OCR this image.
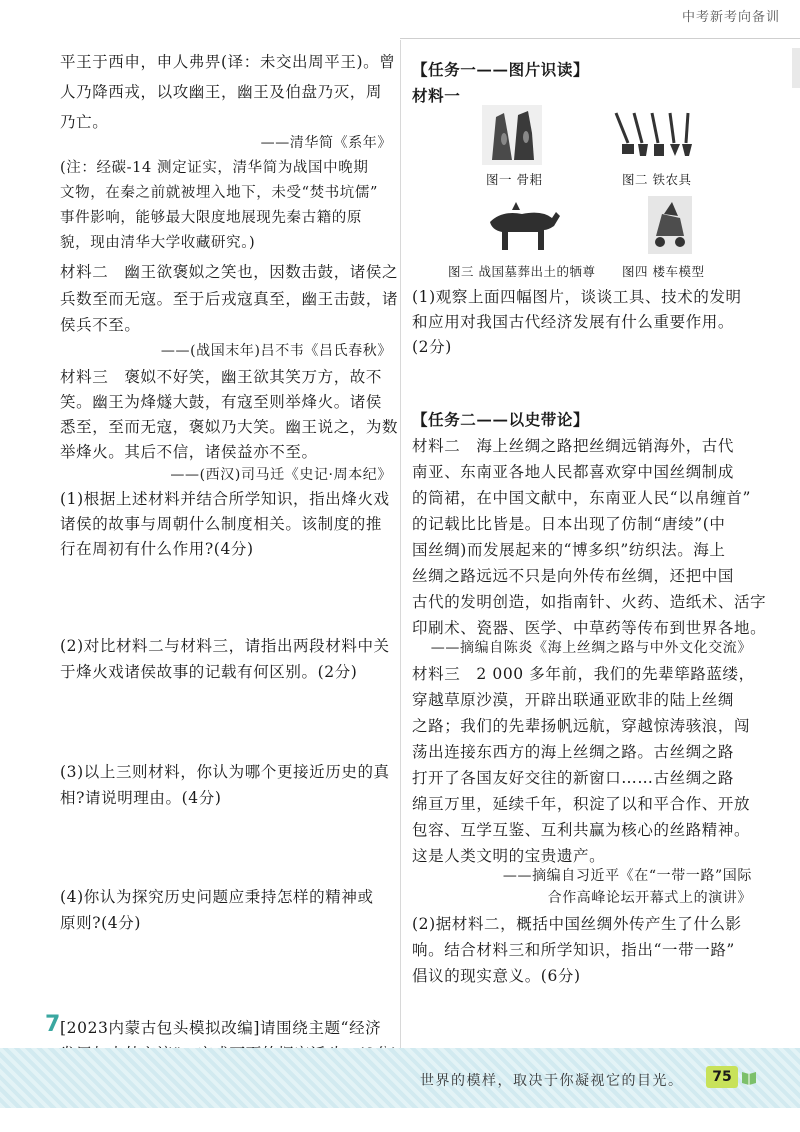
中考新考向备训
平王于西申，申人弗畀(译：未交出周平王)。曾
人乃降西戎，以攻幽王，幽王及伯盘乃灭，周
乃亡。
——清华简《系年》
(注：经碳-14 测定证实，清华简为战国中晚期
文物，在秦之前就被埋入地下，未受“焚书坑儒”
事件影响，能够最大限度地展现先秦古籍的原
貌，现由清华大学收藏研究。)
材料二　幽王欲褒姒之笑也，因数击鼓，诸侯之
兵数至而无寇。至于后戎寇真至，幽王击鼓，诸
侯兵不至。
——(战国末年)吕不韦《吕氏春秋》
材料三　褒姒不好笑，幽王欲其笑万方，故不
笑。幽王为烽燧大鼓，有寇至则举烽火。诸侯
悉至，至而无寇，褒姒乃大笑。幽王说之，为数
举烽火。其后不信，诸侯益亦不至。
——(西汉)司马迁《史记·周本纪》
(1)根据上述材料并结合所学知识，指出烽火戏
诸侯的故事与周朝什么制度相关。该制度的推
行在周初有什么作用?(4分)
(2)对比材料二与材料三，请指出两段材料中关
于烽火戏诸侯故事的记载有何区别。(2分)
(3)以上三则材料，你认为哪个更接近历史的真
相?请说明理由。(4分)
(4)你认为探究历史问题应秉持怎样的精神或
原则?(4分)
[2023内蒙古包头模拟改编]请围绕主题“经济
7
【任务一——图片识读】
材料一
图一 骨耜	图二 铁农具
图三 战国墓葬出土的牺尊 图四 楼车模型
(1)观察上面四幅图片，谈谈工具、技术的发明
和应用对我国古代经济发展有什么重要作用。
(2分)
【任务二——以史带论】
材料二　海上丝绸之路把丝绸远销海外，古代
南亚、东南亚各地人民都喜欢穿中国丝绸制成
的筒裙，在中国文献中，东南亚人民“以帛缠首”
的记载比比皆是。日本出现了仿制“唐绫”(中
国丝绸)而发展起来的“博多织”纺织法。海上
丝绸之路远远不只是向外传布丝绸，还把中国
古代的发明创造，如指南针、火药、造纸术、活字
印刷术、瓷器、医学、中草药等传布到世界各地。
——摘编自陈炎《海上丝绸之路与中外文化交流》
材料三　2 000 多年前，我们的先辈筚路蓝缕，
穿越草原沙漠，开辟出联通亚欧非的陆上丝绸
之路；我们的先辈扬帆远航，穿越惊涛骇浪，闯
荡出连接东西方的海上丝绸之路。古丝绸之路
打开了各国友好交往的新窗口……古丝绸之路
绵亘万里，延续千年，积淀了以和平合作、开放
包容、互学互鉴、互利共赢为核心的丝路精神。
这是人类文明的宝贵遗产。
——摘编自习近平《在“一带一路”国际
合作高峰论坛开幕式上的演讲》
(2)据材料二，概括中国丝绸外传产生了什么影
响。结合材料三和所学知识，指出“一带一路”
倡议的现实意义。(6分)
世界的模样，取决于你凝视它的目光。	75
